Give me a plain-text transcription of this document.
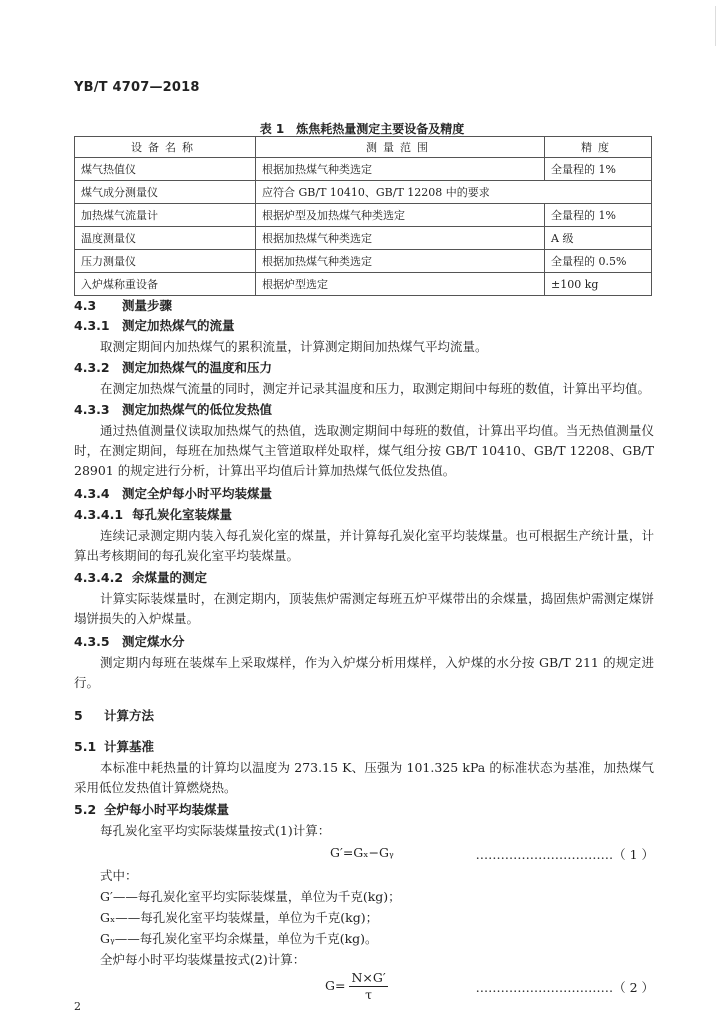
YB/T 4707—2018
表 1　炼焦耗热量测定主要设备及精度
设备名称	测量范围	精度
煤气热值仪	根据加热煤气种类选定	全量程的 1%
煤气成分测量仪	应符合 GB/T 10410、GB/T 12208 中的要求	
加热煤气流量计	根据炉型及加热煤气种类选定	全量程的 1%
温度测量仪	根据加热煤气种类选定	A 级
压力测量仪	根据加热煤气种类选定	全量程的 0.5%
入炉煤称重设备	根据炉型选定	±100 kg
4.3 测量步骤
4.3.1 测定加热煤气的流量
取测定期间内加热煤气的累积流量，计算测定期间加热煤气平均流量。
4.3.2 测定加热煤气的温度和压力
在测定加热煤气流量的同时，测定并记录其温度和压力，取测定期间中每班的数值，计算出平均值。
4.3.3 测定加热煤气的低位发热值
通过热值测量仪读取加热煤气的热值，选取测定期间中每班的数值，计算出平均值。当无热值测量仪时，在测定期间，每班在加热煤气主管道取样处取样，煤气组分按 GB/T 10410、GB/T 12208、GB/T 28901 的规定进行分析，计算出平均值后计算加热煤气低位发热值。
4.3.4 测定全炉每小时平均装煤量
4.3.4.1 每孔炭化室装煤量
连续记录测定期内装入每孔炭化室的煤量，并计算每孔炭化室平均装煤量。也可根据生产统计量，计算出考核期间的每孔炭化室平均装煤量。
4.3.4.2 余煤量的测定
计算实际装煤量时，在测定期内，顶装焦炉需测定每班五炉平煤带出的余煤量，捣固焦炉需测定煤饼塌饼损失的入炉煤量。
4.3.5 测定煤水分
测定期内每班在装煤车上采取煤样，作为入炉煤分析用煤样，入炉煤的水分按 GB/T 211 的规定进行。
5 计算方法
5.1 计算基准
本标准中耗热量的计算均以温度为 273.15 K、压强为 101.325 kPa 的标准状态为基准，加热煤气采用低位发热值计算燃烧热。
5.2 全炉每小时平均装煤量
每孔炭化室平均实际装煤量按式(1)计算：
G′=Gₓ−Gᵧ	……………………………（ 1 ）
式中：
G′——每孔炭化室平均实际装煤量，单位为千克(kg)；
Gₓ——每孔炭化室平均装煤量，单位为千克(kg)；
Gᵧ——每孔炭化室平均余煤量，单位为千克(kg)。
2
全炉每小时平均装煤量按式(2)计算：
$G= \frac{N\times G'}{\tau}$	……………………………（ 2 ）
